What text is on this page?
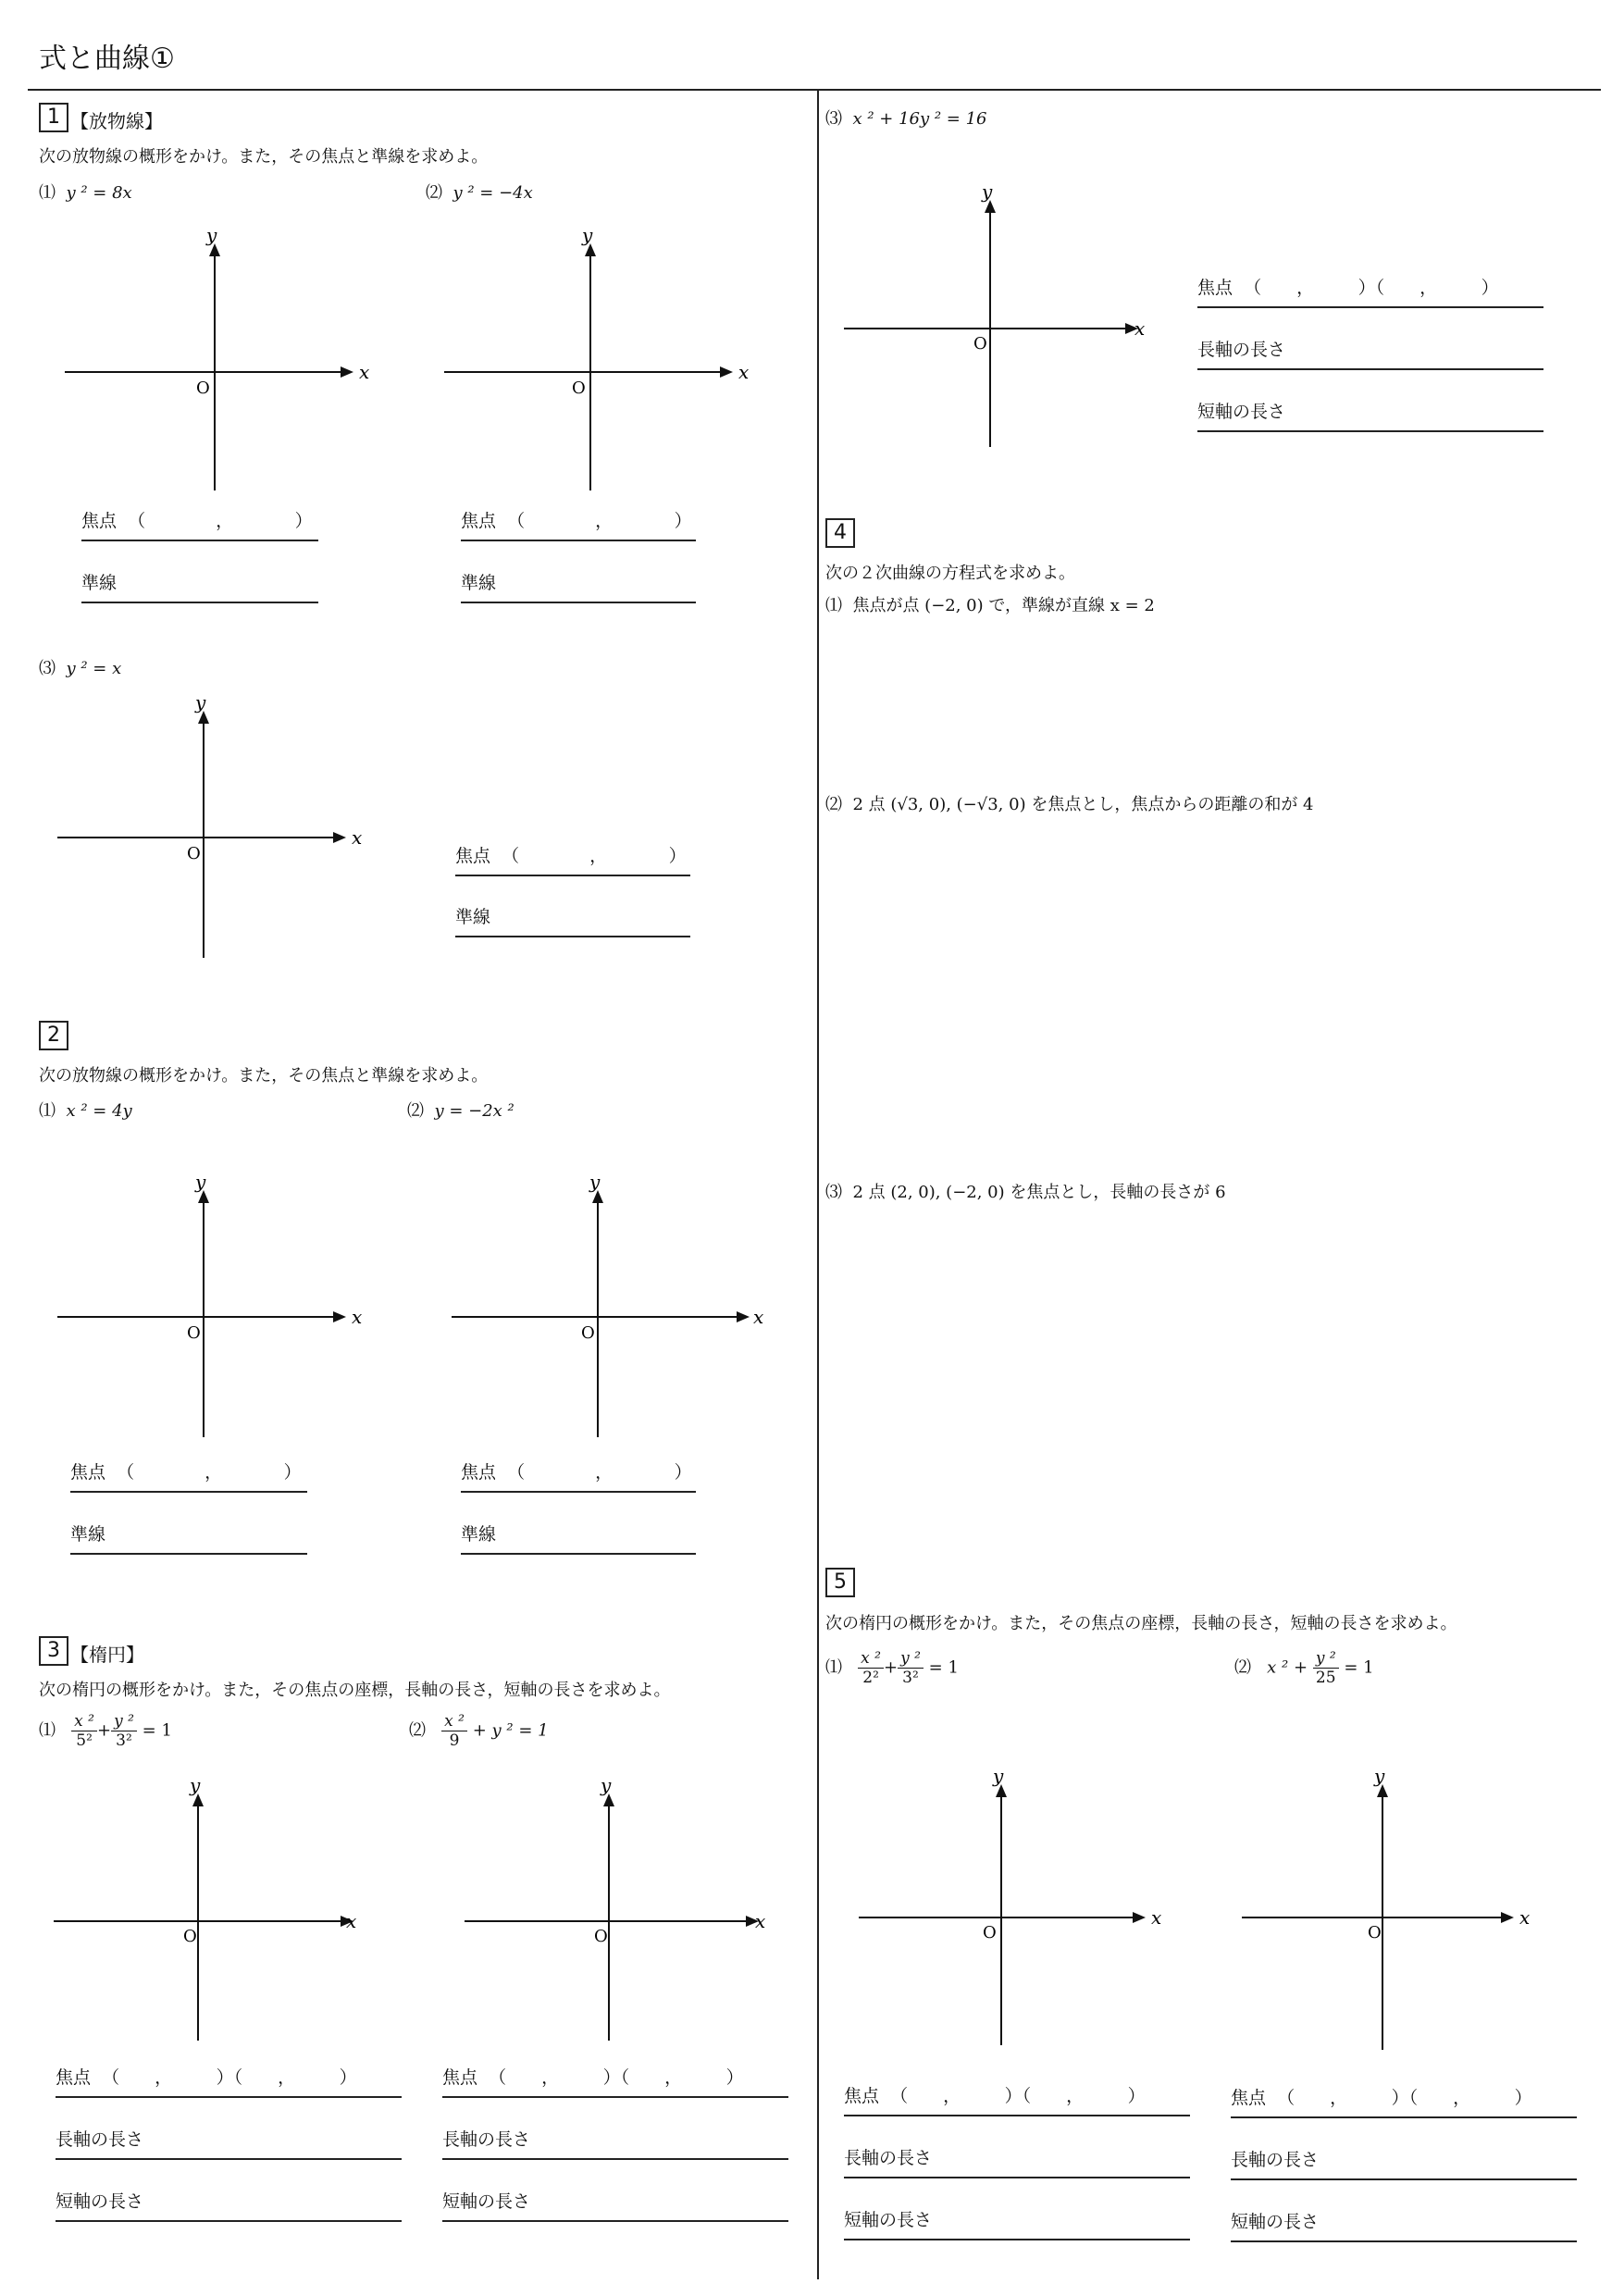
式と曲線①
1 【放物線】
次の放物線の概形をかけ。また，その焦点と準線を求めよ。
⑴ y ² = 8x	⑵ y ² = −4x
x
y
O
x
y
O
焦点 （　　　　，　　　　）
準線
焦点 （　　　　，　　　　）
準線
⑶ y ² = x
x
y
O	焦点 （　　　　，　　　　）
準線
2
次の放物線の概形をかけ。また，その焦点と準線を求めよ。
⑴ x ² = 4y	⑵ y = −2x ²
x
y
O
x
y
O
焦点 （　　　　，　　　　）
準線
焦点 （　　　　，　　　　）
準線
3 【楕円】
次の楕円の概形をかけ。また，その焦点の座標，長軸の長さ，短軸の長さを求めよ。
⑴ $\frac{\text{x ²}}{\text{5²}} + \frac{\text{y ²}}{\text{3²}} = 1$	⑵ $\frac{\text{x ²}}{9} + y$ ² = 1
x
y
O
x
y
O
焦点 （　　，　　　）（　　，　　　）
長軸の長さ
短軸の長さ
焦点 （　　，　　　）（　　，　　　）
長軸の長さ
短軸の長さ
⑶ x ² + 16y ² = 16
x
y
O
焦点 （　　，　　　）（　　，　　　）
長軸の長さ
短軸の長さ
4
次の２次曲線の方程式を求めよ。
⑴ 焦点が点 (−2, 0) で，準線が直線 x = 2
⑵ 2 点 (√3, 0), (−√3, 0) を焦点とし，焦点からの距離の和が 4
⑶ 2 点 (2, 0), (−2, 0) を焦点とし，長軸の長さが 6
5
次の楕円の概形をかけ。また，その焦点の座標，長軸の長さ，短軸の長さを求めよ。
⑴ $\frac{\text{x ²}}{\text{2²}} + \frac{\text{y ²}}{\text{3²}} = 1$	⑵ x $^2 + \frac{\text{y ²}}{25} = 1$
x
y
O
x
y
O
焦点 （　　，　　　）（　　，　　　）
長軸の長さ
短軸の長さ
焦点 （　　，　　　）（　　，　　　）
長軸の長さ
短軸の長さ
